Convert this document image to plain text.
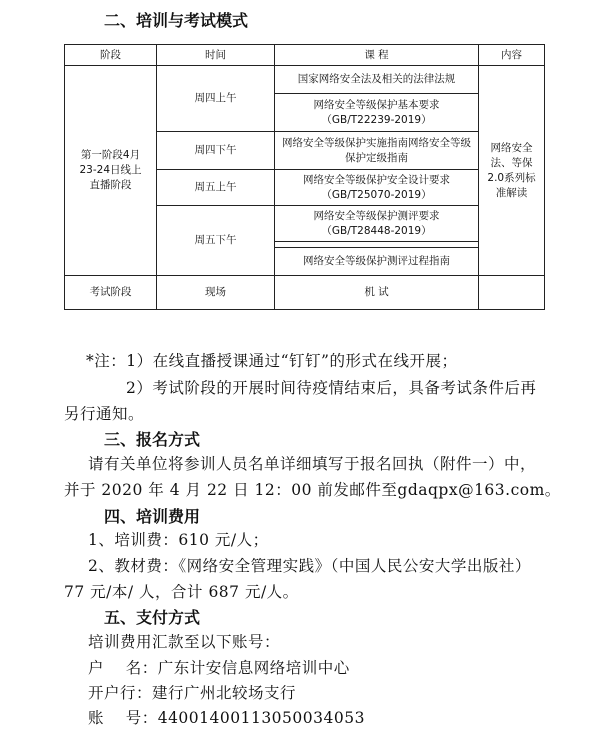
二、培训与考试模式
阶段	时间	课 程	内容
第一阶段4月23-24日线上直播阶段	周四上午	国家网络安全法及相关的法律法规	网络安全法、等保2.0系列标准解读
		网络安全等级保护基本要求（GB/T22239-2019）	
	周四下午	网络安全等级保护实施指南网络安全等级保护定级指南	
	周五上午	网络安全等级保护安全设计要求（GB/T25070-2019）	
	周五下午	网络安全等级保护测评要求（GB/T28448-2019）	

		网络安全等级保护测评过程指南	
考试阶段	现场	机 试	
*注：1）在线直播授课通过“钉钉”的形式在线开展；
2）考试阶段的开展时间待疫情结束后，具备考试条件后再
另行通知。
三、报名方式
请有关单位将参训人员名单详细填写于报名回执（附件一）中，
并于 2020 年 4 月 22 日 12：00 前发邮件至gdaqpx@163.com。
四、培训费用
1、培训费：610 元/人；
2、教材费：《网络安全管理实践》（中国人民公安大学出版社）
77 元/本/ 人，合计 687 元/人。
五、支付方式
培训费用汇款至以下账号：
户    名：广东计安信息网络培训中心
开户行：建行广州北较场支行
账    号：44001400113050034053
